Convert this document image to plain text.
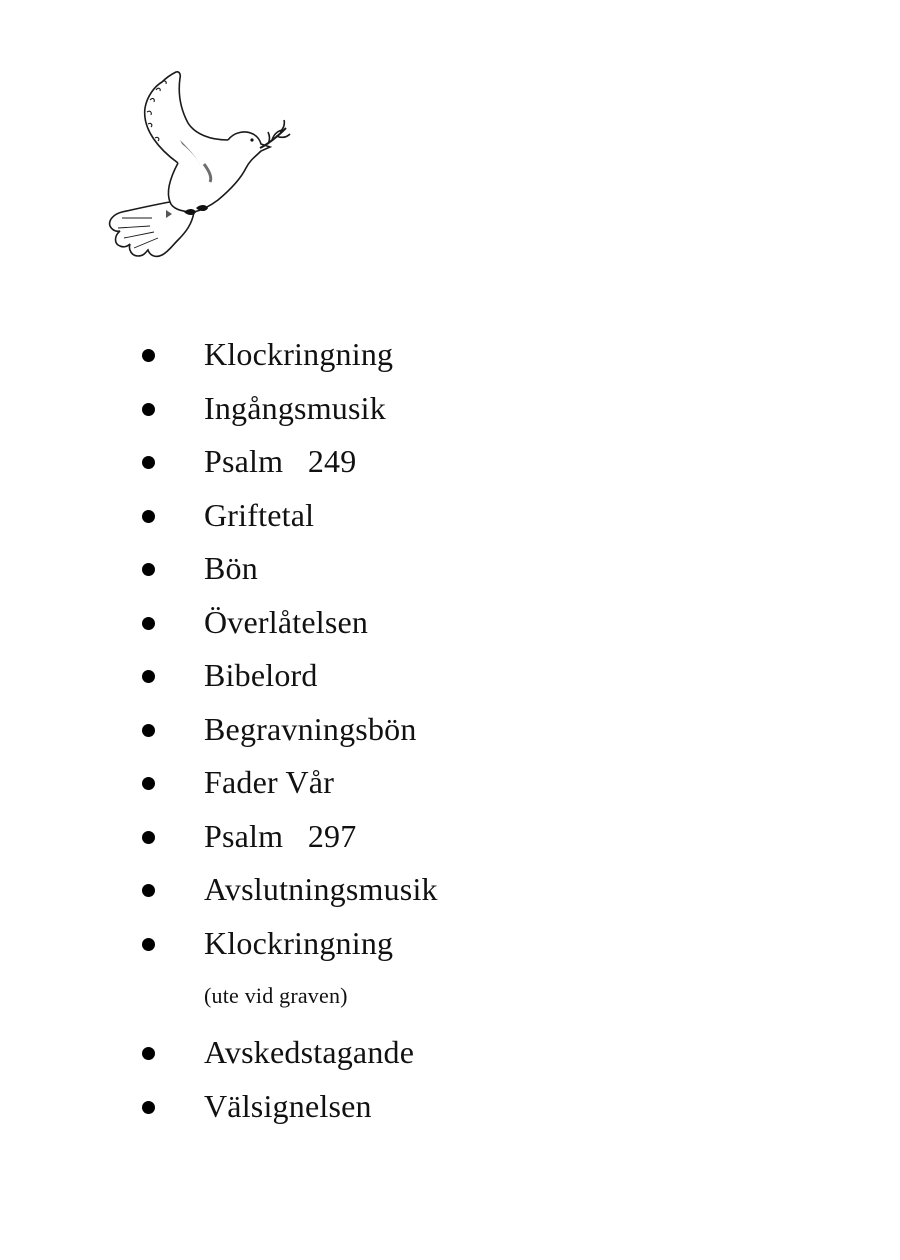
Klockringning
Ingångsmusik
Psalm   249
Griftetal
Bön
Överlåtelsen
Bibelord
Begravningsbön
Fader Vår
Psalm   297
Avslutningsmusik
Klockringning
(ute vid graven)
Avskedstagande
Välsignelsen
